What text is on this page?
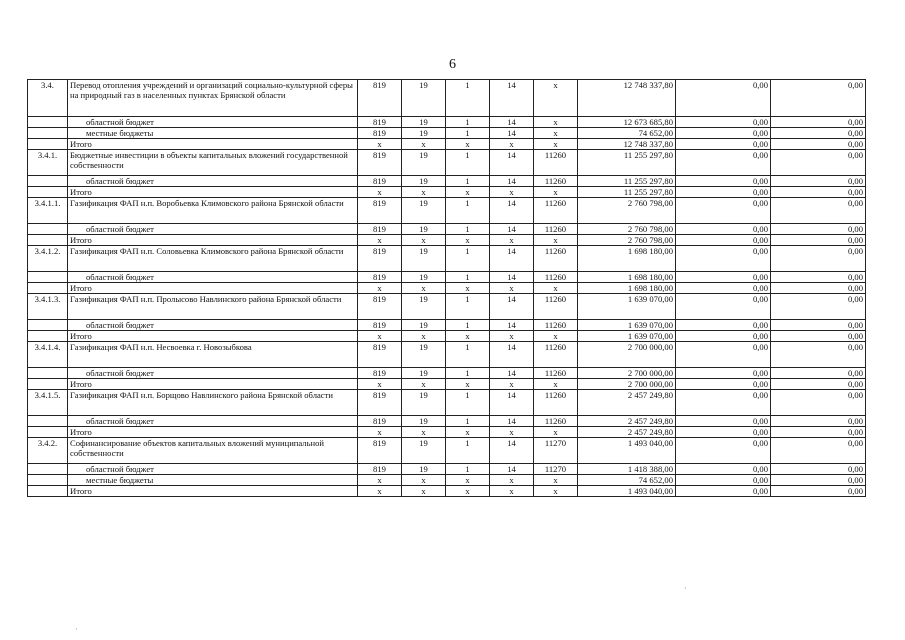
6
3.4.	Перевод отопления учреждений и организаций социально-культурной сферы на природный газ в населенных пунктах Брянской области	819	19	1	14	x	12 748 337,80	0,00	0,00
	областной бюджет	819	19	1	14	x	12 673 685,80	0,00	0,00
	местные бюджеты	819	19	1	14	x	74 652,00	0,00	0,00
	Итого	x	x	x	x	x	12 748 337,80	0,00	0,00
3.4.1.	Бюджетные инвестиции в объекты капитальных вложений государственной собственности	819	19	1	14	11260	11 255 297,80	0,00	0,00
	областной бюджет	819	19	1	14	11260	11 255 297,80	0,00	0,00
	Итого	x	x	x	x	x	11 255 297,80	0,00	0,00
3.4.1.1.	Газификация ФАП н.п. Воробьевка Климовского района Брянской области	819	19	1	14	11260	2 760 798,00	0,00	0,00
	областной бюджет	819	19	1	14	11260	2 760 798,00	0,00	0,00
	Итого	x	x	x	x	x	2 760 798,00	0,00	0,00
3.4.1.2.	Газификация ФАП н.п. Соловьевка Климовского района Брянской области	819	19	1	14	11260	1 698 180,00	0,00	0,00
	областной бюджет	819	19	1	14	11260	1 698 180,00	0,00	0,00
	Итого	x	x	x	x	x	1 698 180,00	0,00	0,00
3.4.1.3.	Газификация ФАП н.п. Пролысово Навлинского района Брянской области	819	19	1	14	11260	1 639 070,00	0,00	0,00
	областной бюджет	819	19	1	14	11260	1 639 070,00	0,00	0,00
	Итого	x	x	x	x	x	1 639 070,00	0,00	0,00
3.4.1.4.	Газификация ФАП н.п. Несвоевка г. Новозыбкова	819	19	1	14	11260	2 700 000,00	0,00	0,00
	областной бюджет	819	19	1	14	11260	2 700 000,00	0,00	0,00
	Итого	x	x	x	x	x	2 700 000,00	0,00	0,00
3.4.1.5.	Газификация ФАП н.п. Борщово Навлинского района Брянской области	819	19	1	14	11260	2 457 249,80	0,00	0,00
	областной бюджет	819	19	1	14	11260	2 457 249,80	0,00	0,00
	Итого	x	x	x	x	x	2 457 249,80	0,00	0,00
3.4.2.	Софинансирование объектов капитальных вложений муниципальной собственности	819	19	1	14	11270	1 493 040,00	0,00	0,00
	областной бюджет	819	19	1	14	11270	1 418 388,00	0,00	0,00
	местные бюджеты	x	x	x	x	x	74 652,00	0,00	0,00
	Итого	x	x	x	x	x	1 493 040,00	0,00	0,00
·
·
